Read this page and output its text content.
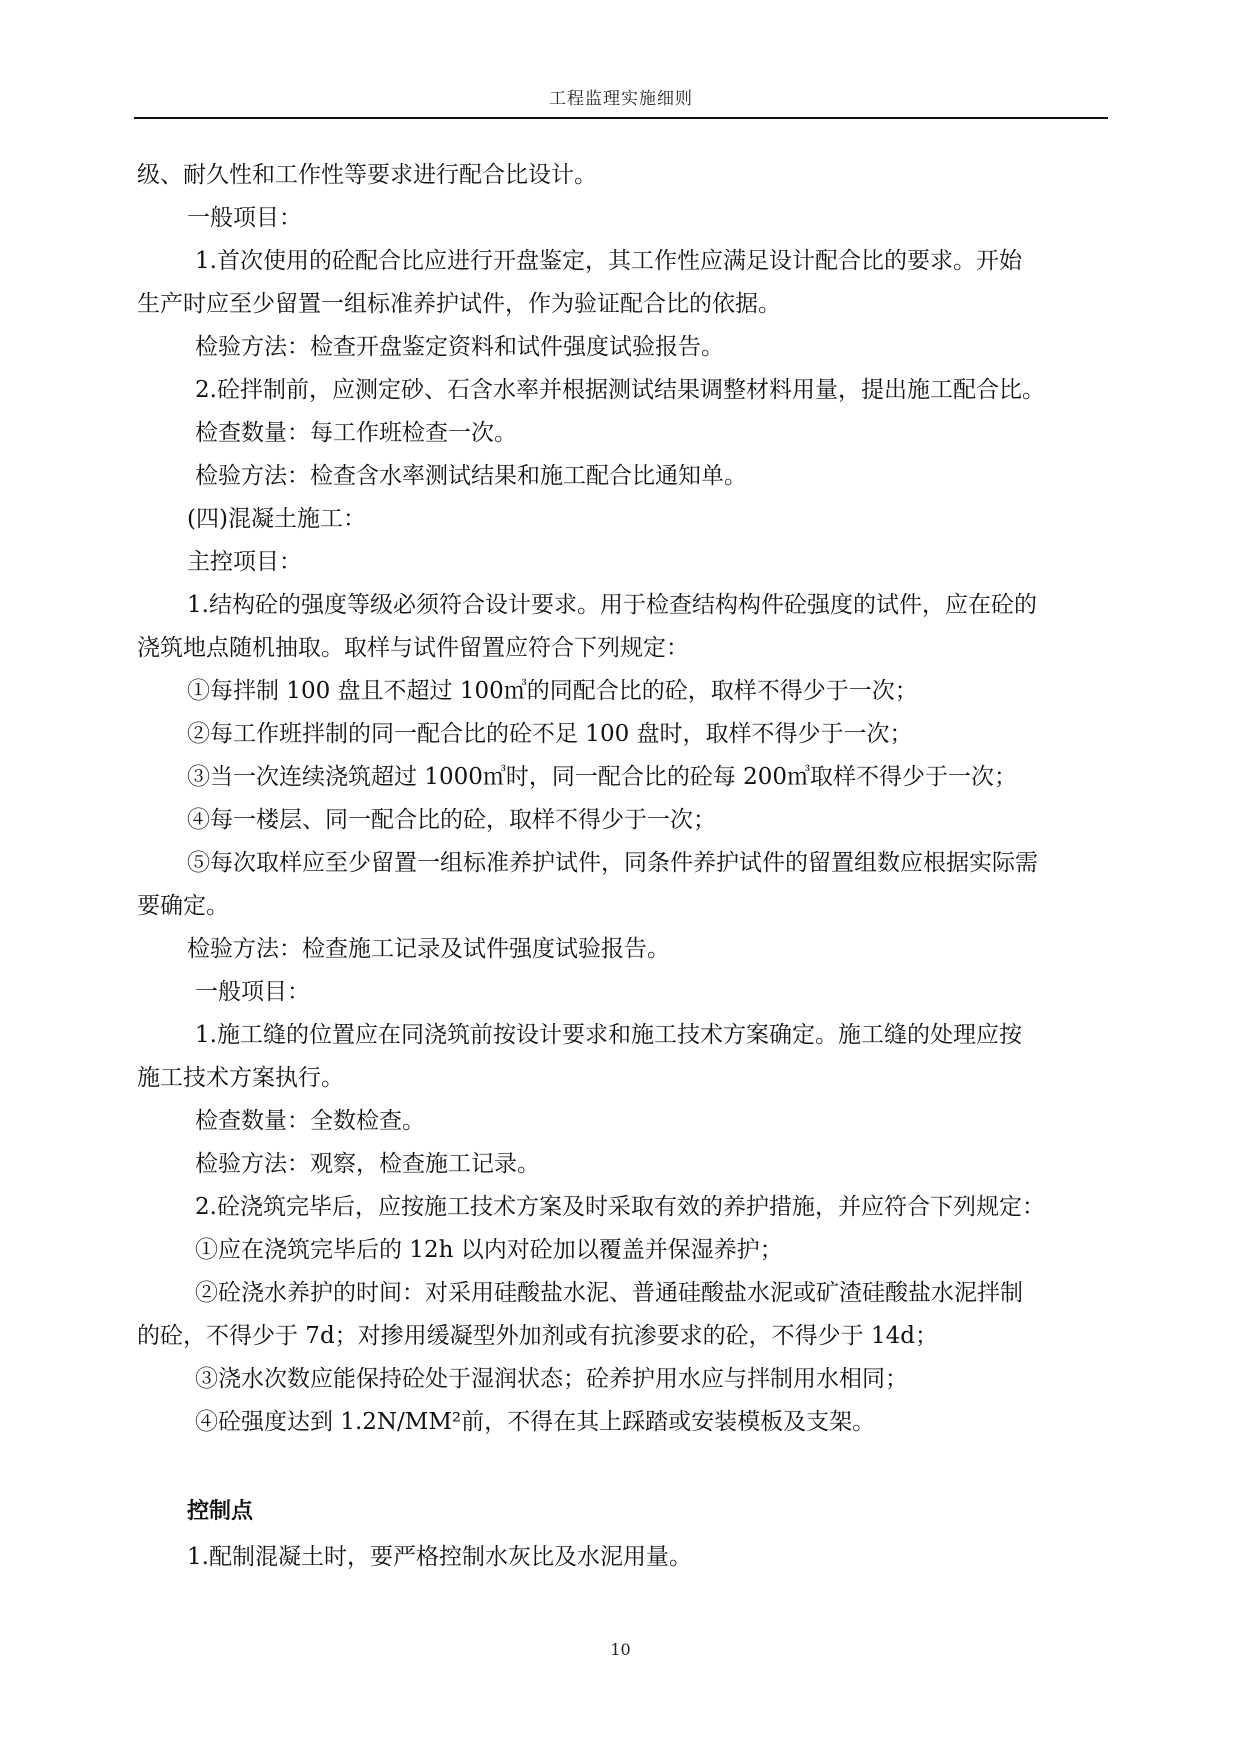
工程监理实施细则
级、耐久性和工作性等要求进行配合比设计。
一般项目：
1.首次使用的砼配合比应进行开盘鉴定，其工作性应满足设计配合比的要求。开始
生产时应至少留置一组标准养护试件，作为验证配合比的依据。
检验方法：检查开盘鉴定资料和试件强度试验报告。
2.砼拌制前，应测定砂、石含水率并根据测试结果调整材料用量，提出施工配合比。
检查数量：每工作班检查一次。
检验方法：检查含水率测试结果和施工配合比通知单。
(四)混凝土施工：
主控项目：
1.结构砼的强度等级必须符合设计要求。用于检查结构构件砼强度的试件，应在砼的
浇筑地点随机抽取。取样与试件留置应符合下列规定：
①每拌制 100 盘且不超过 100㎥的同配合比的砼，取样不得少于一次；
②每工作班拌制的同一配合比的砼不足 100 盘时，取样不得少于一次；
③当一次连续浇筑超过 1000㎥时，同一配合比的砼每 200㎥取样不得少于一次；
④每一楼层、同一配合比的砼，取样不得少于一次；
⑤每次取样应至少留置一组标准养护试件，同条件养护试件的留置组数应根据实际需
要确定。
检验方法：检查施工记录及试件强度试验报告。
一般项目：
1.施工缝的位置应在同浇筑前按设计要求和施工技术方案确定。施工缝的处理应按
施工技术方案执行。
检查数量：全数检查。
检验方法：观察，检查施工记录。
2.砼浇筑完毕后，应按施工技术方案及时采取有效的养护措施，并应符合下列规定：
①应在浇筑完毕后的 12h 以内对砼加以覆盖并保湿养护；
②砼浇水养护的时间：对采用硅酸盐水泥、普通硅酸盐水泥或矿渣硅酸盐水泥拌制
的砼，不得少于 7d；对掺用缓凝型外加剂或有抗渗要求的砼，不得少于 14d；
③浇水次数应能保持砼处于湿润状态；砼养护用水应与拌制用水相同；
④砼强度达到 1.2N/MM²前，不得在其上踩踏或安装模板及支架。
控制点
1.配制混凝土时，要严格控制水灰比及水泥用量。
10
